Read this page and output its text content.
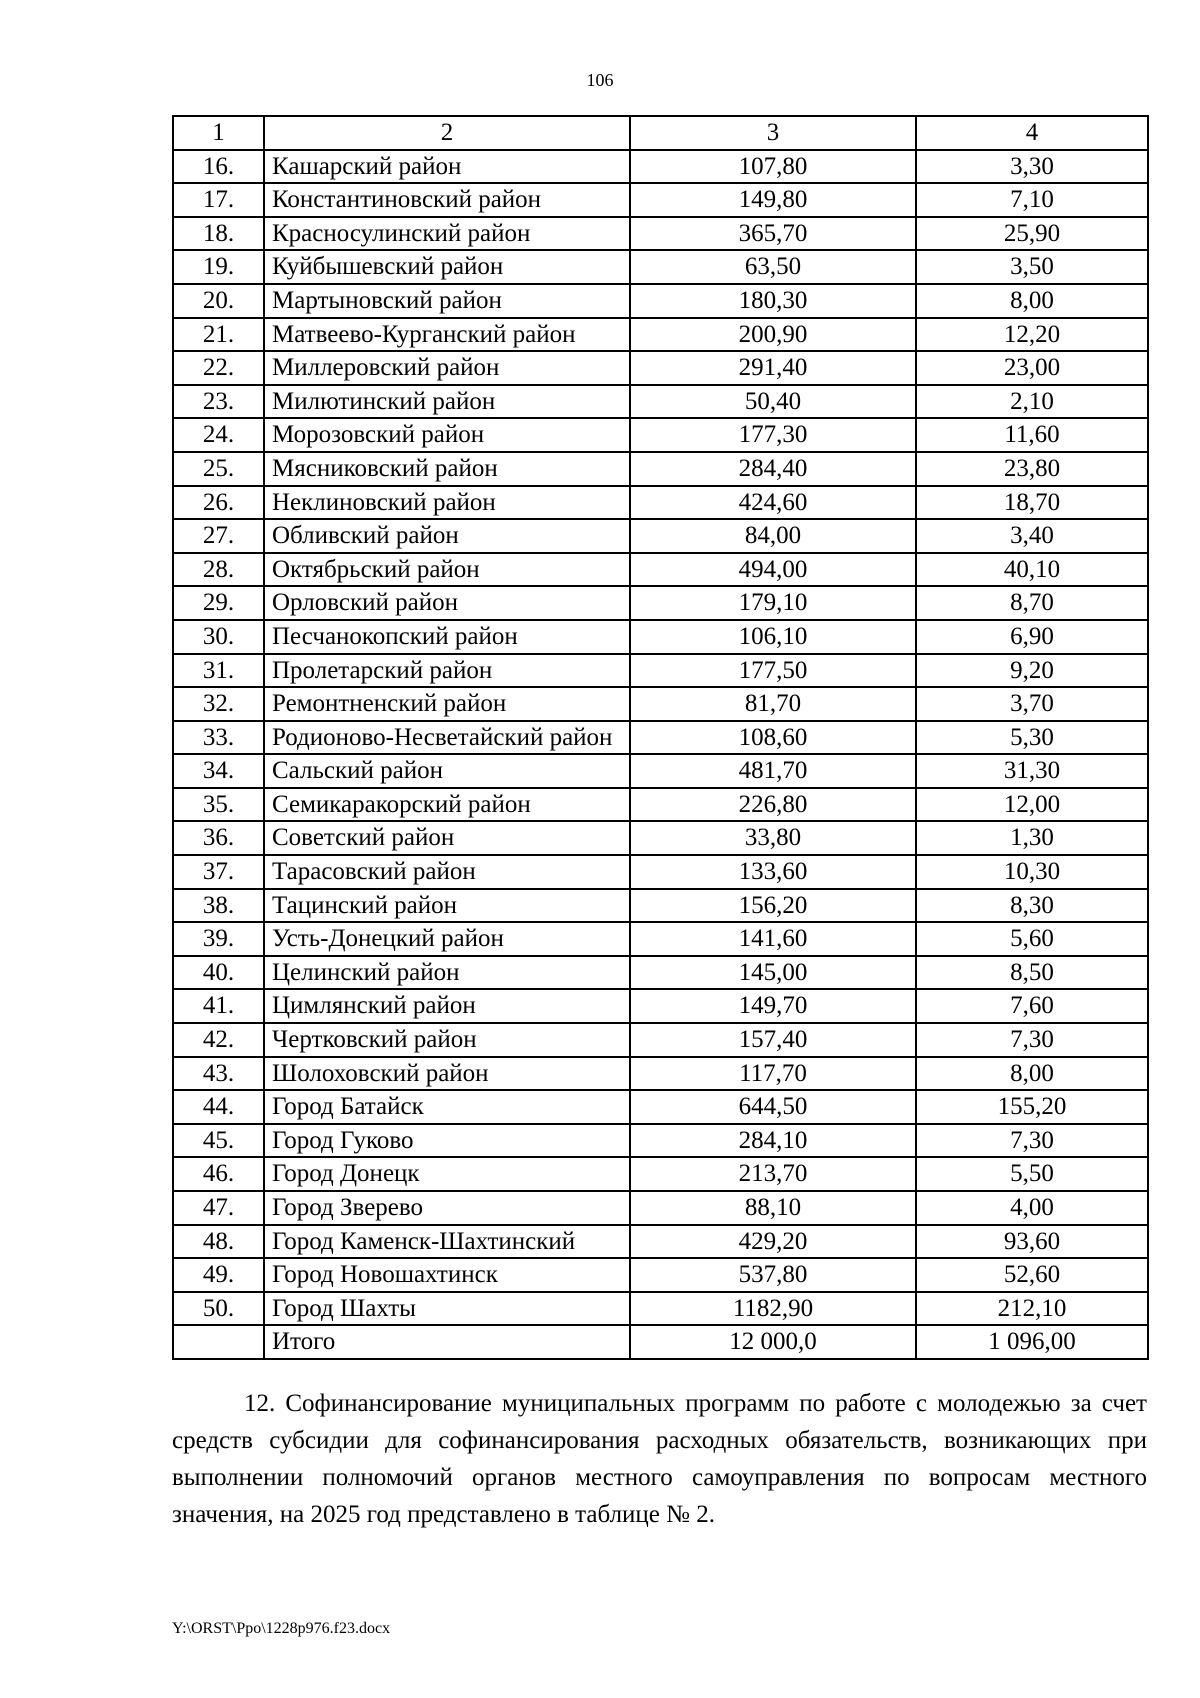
106
1	2	3	4
16.	Кашарский район	107,80	3,30
17.	Константиновский район	149,80	7,10
18.	Красносулинский район	365,70	25,90
19.	Куйбышевский район	63,50	3,50
20.	Мартыновский район	180,30	8,00
21.	Матвеево-Курганский район	200,90	12,20
22.	Миллеровский район	291,40	23,00
23.	Милютинский район	50,40	2,10
24.	Морозовский район	177,30	11,60
25.	Мясниковский район	284,40	23,80
26.	Неклиновский район	424,60	18,70
27.	Обливский район	84,00	3,40
28.	Октябрьский район	494,00	40,10
29.	Орловский район	179,10	8,70
30.	Песчанокопский район	106,10	6,90
31.	Пролетарский район	177,50	9,20
32.	Ремонтненский район	81,70	3,70
33.	Родионово-Несветайский район	108,60	5,30
34.	Сальский район	481,70	31,30
35.	Семикаракорский район	226,80	12,00
36.	Советский район	33,80	1,30
37.	Тарасовский район	133,60	10,30
38.	Тацинский район	156,20	8,30
39.	Усть-Донецкий район	141,60	5,60
40.	Целинский район	145,00	8,50
41.	Цимлянский район	149,70	7,60
42.	Чертковский район	157,40	7,30
43.	Шолоховский район	117,70	8,00
44.	Город Батайск	644,50	155,20
45.	Город Гуково	284,10	7,30
46.	Город Донецк	213,70	5,50
47.	Город Зверево	88,10	4,00
48.	Город Каменск-Шахтинский	429,20	93,60
49.	Город Новошахтинск	537,80	52,60
50.	Город Шахты	1182,90	212,10
	Итого	12 000,0	1 096,00

12. Софинансирование муниципальных программ по работе с молодежью за счет средств субсидии для софинансирования расходных обязательств, возникающих при выполнении полномочий органов местного самоуправления по вопросам местного значения, на 2025 год представлено в таблице № 2.

Y:\ORST\Ppo\1228p976.f23.docx
